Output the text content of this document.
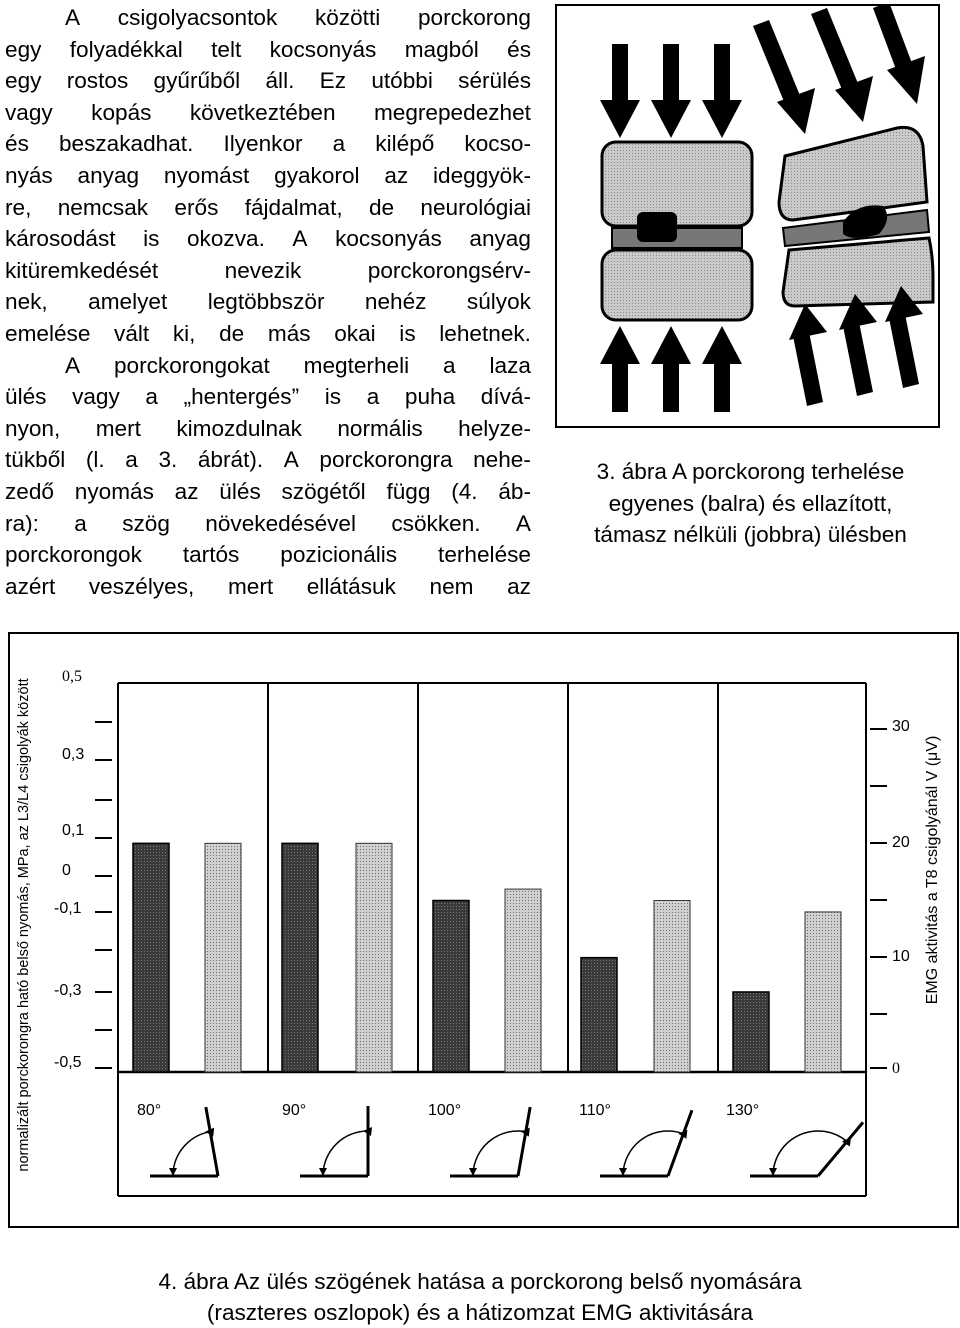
A csigolyacsontok közötti porckorong
egy folyadékkal telt kocsonyás magból és
egy rostos gyűrűből áll. Ez utóbbi sérülés
vagy kopás következtében megrepedezhet
és beszakadhat. Ilyenkor a kilépő kocso-
nyás anyag nyomást gyakorol az ideggyök-
re, nemcsak erős fájdalmat, de neurológiai
károsodást is okozva. A kocsonyás anyag
kitüremkedését	nevezik	porckorongsérv-
nek, amelyet legtöbbször nehéz súlyok
emelése vált ki, de más okai is lehetnek.
A porckorongokat megterheli a laza
ülés vagy a „hentergés” is a puha dívá-
nyon, mert kimozdulnak normális helyze-
tükből (l. a 3. ábrát). A porckorongra nehe-
zedő nyomás az ülés szögétől függ (4. áb-
ra): a szög növekedésével csökken. A
porckorongok tartós pozicionális terhelése
azért veszélyes, mert ellátásuk nem az
3. ábra A porckorong terhelése
egyenes (balra) és ellazított,
támasz nélküli (jobbra) ülésben
normalizált porckorongra ható belső nyomás, MPa, az L3/L4 csigolyák között	EMG aktivitás a T8 csigolyánál V (μV)
0,5
0,3
0,1
0
-0,1
-0,3
-0,5
30
20
10
0
80°	90°	100°	110°	130°
4. ábra Az ülés szögének hatása a porckorong belső nyomására
(raszteres oszlopok) és a hátizomzat EMG aktivitására
